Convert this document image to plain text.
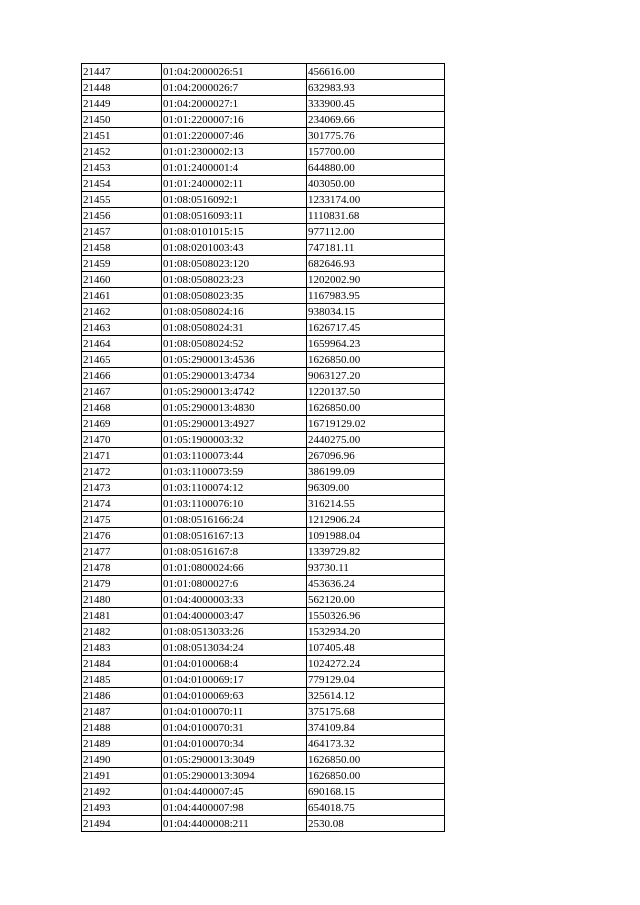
21447	01:04:2000026:51	456616.00
21448	01:04:2000026:7	632983.93
21449	01:04:2000027:1	333900.45
21450	01:01:2200007:16	234069.66
21451	01:01:2200007:46	301775.76
21452	01:01:2300002:13	157700.00
21453	01:01:2400001:4	644880.00
21454	01:01:2400002:11	403050.00
21455	01:08:0516092:1	1233174.00
21456	01:08:0516093:11	1110831.68
21457	01:08:0101015:15	977112.00
21458	01:08:0201003:43	747181.11
21459	01:08:0508023:120	682646.93
21460	01:08:0508023:23	1202002.90
21461	01:08:0508023:35	1167983.95
21462	01:08:0508024:16	938034.15
21463	01:08:0508024:31	1626717.45
21464	01:08:0508024:52	1659964.23
21465	01:05:2900013:4536	1626850.00
21466	01:05:2900013:4734	9063127.20
21467	01:05:2900013:4742	1220137.50
21468	01:05:2900013:4830	1626850.00
21469	01:05:2900013:4927	16719129.02
21470	01:05:1900003:32	2440275.00
21471	01:03:1100073:44	267096.96
21472	01:03:1100073:59	386199.09
21473	01:03:1100074:12	96309.00
21474	01:03:1100076:10	316214.55
21475	01:08:0516166:24	1212906.24
21476	01:08:0516167:13	1091988.04
21477	01:08:0516167:8	1339729.82
21478	01:01:0800024:66	93730.11
21479	01:01:0800027:6	453636.24
21480	01:04:4000003:33	562120.00
21481	01:04:4000003:47	1550326.96
21482	01:08:0513033:26	1532934.20
21483	01:08:0513034:24	107405.48
21484	01:04:0100068:4	1024272.24
21485	01:04:0100069:17	779129.04
21486	01:04:0100069:63	325614.12
21487	01:04:0100070:11	375175.68
21488	01:04:0100070:31	374109.84
21489	01:04:0100070:34	464173.32
21490	01:05:2900013:3049	1626850.00
21491	01:05:2900013:3094	1626850.00
21492	01:04:4400007:45	690168.15
21493	01:04:4400007:98	654018.75
21494	01:04:4400008:211	2530.08
